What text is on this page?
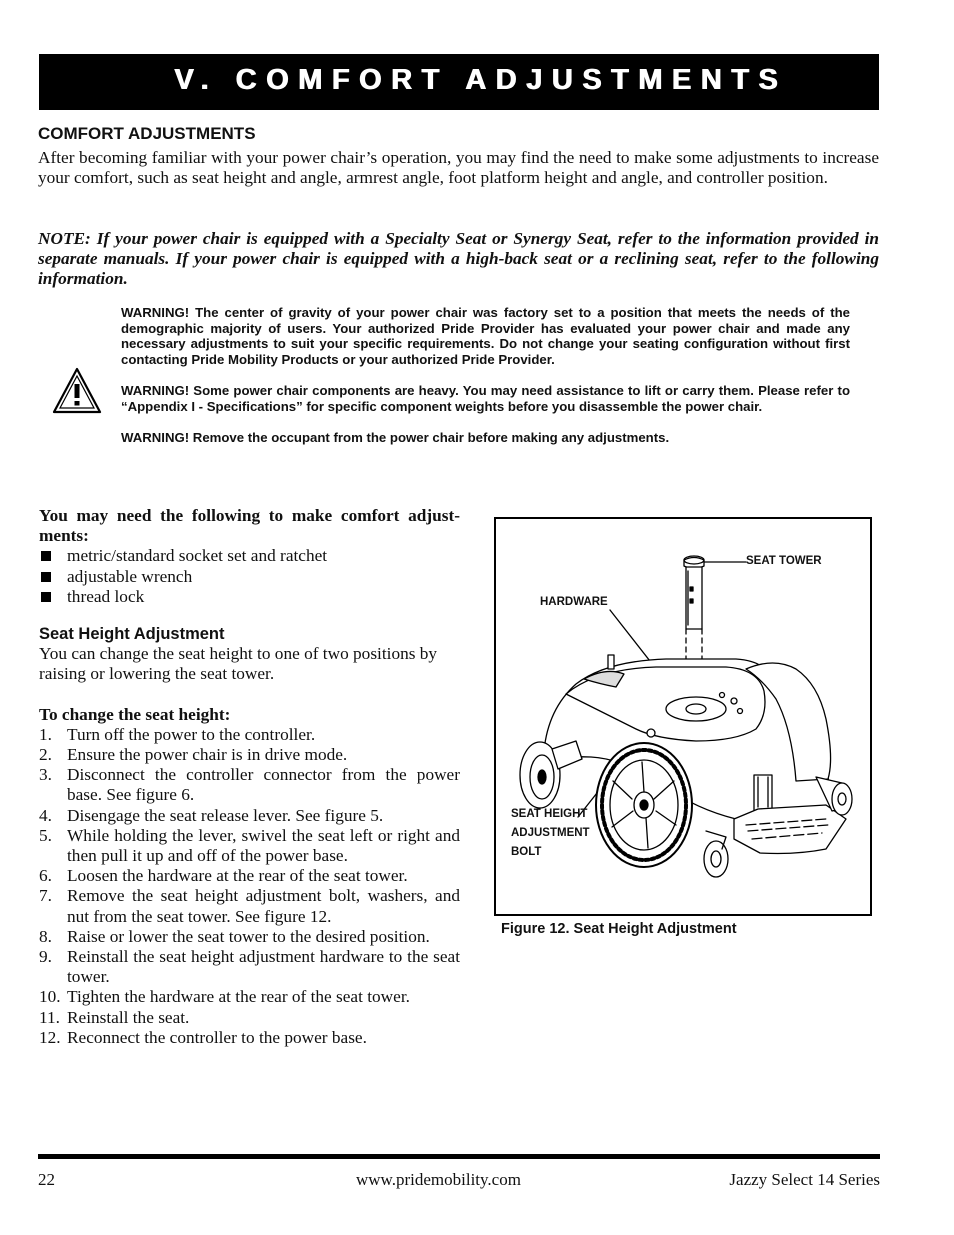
V. COMFORT ADJUSTMENTS
COMFORT ADJUSTMENTS

After becoming familiar with your power chair’s operation, you may find the need to make some adjustments to increase your comfort, such as seat height and angle, armrest angle, foot platform height and angle, and controller position.

NOTE: If your power chair is equipped with a Specialty Seat or Synergy Seat, refer to the information provided in separate manuals. If your power chair is equipped with a high-back seat or a reclining seat, refer to the following information.

WARNING! The center of gravity of your power chair was factory set to a position that meets the needs of the demographic majority of users. Your authorized Pride Provider has evaluated your power chair and made any necessary adjustments to suit your specific requirements. Do not change your seating configuration without first contacting Pride Mobility Products or your authorized Pride Provider.

WARNING! Some power chair components are heavy. You may need assistance to lift or carry them. Please refer to “Appendix I - Specifications” for specific component weights before you disassemble the power chair.

WARNING! Remove the occupant from the power chair before making any adjustments.

You may need the following to make comfort adjust-ments:

metric/standard socket set and ratchet
adjustable wrench
thread lock

Seat Height Adjustment

You can change the seat height to one of two positions by raising or lowering the seat tower.

To change the seat height:

1. Turn off the power to the controller.
2. Ensure the power chair is in drive mode.
3. Disconnect the controller connector from the power base. See figure 6.
4. Disengage the seat release lever. See figure 5.
5. While holding the lever, swivel the seat left or right and then pull it up and off of the power base.
6. Loosen the hardware at the rear of the seat tower.
7. Remove the seat height adjustment bolt, washers, and nut from the seat tower. See figure 12.
8. Raise or lower the seat tower to the desired position.
9. Reinstall the seat height adjustment hardware to the seat tower.
10. Tighten the hardware at the rear of the seat tower.
11. Reinstall the seat.
12. Reconnect the controller to the power base.
SEAT TOWER
HARDWARE
SEAT HEIGHT
ADJUSTMENT
BOLT
Figure 12. Seat Height Adjustment
22	www.pridemobility.com	Jazzy Select 14 Series
